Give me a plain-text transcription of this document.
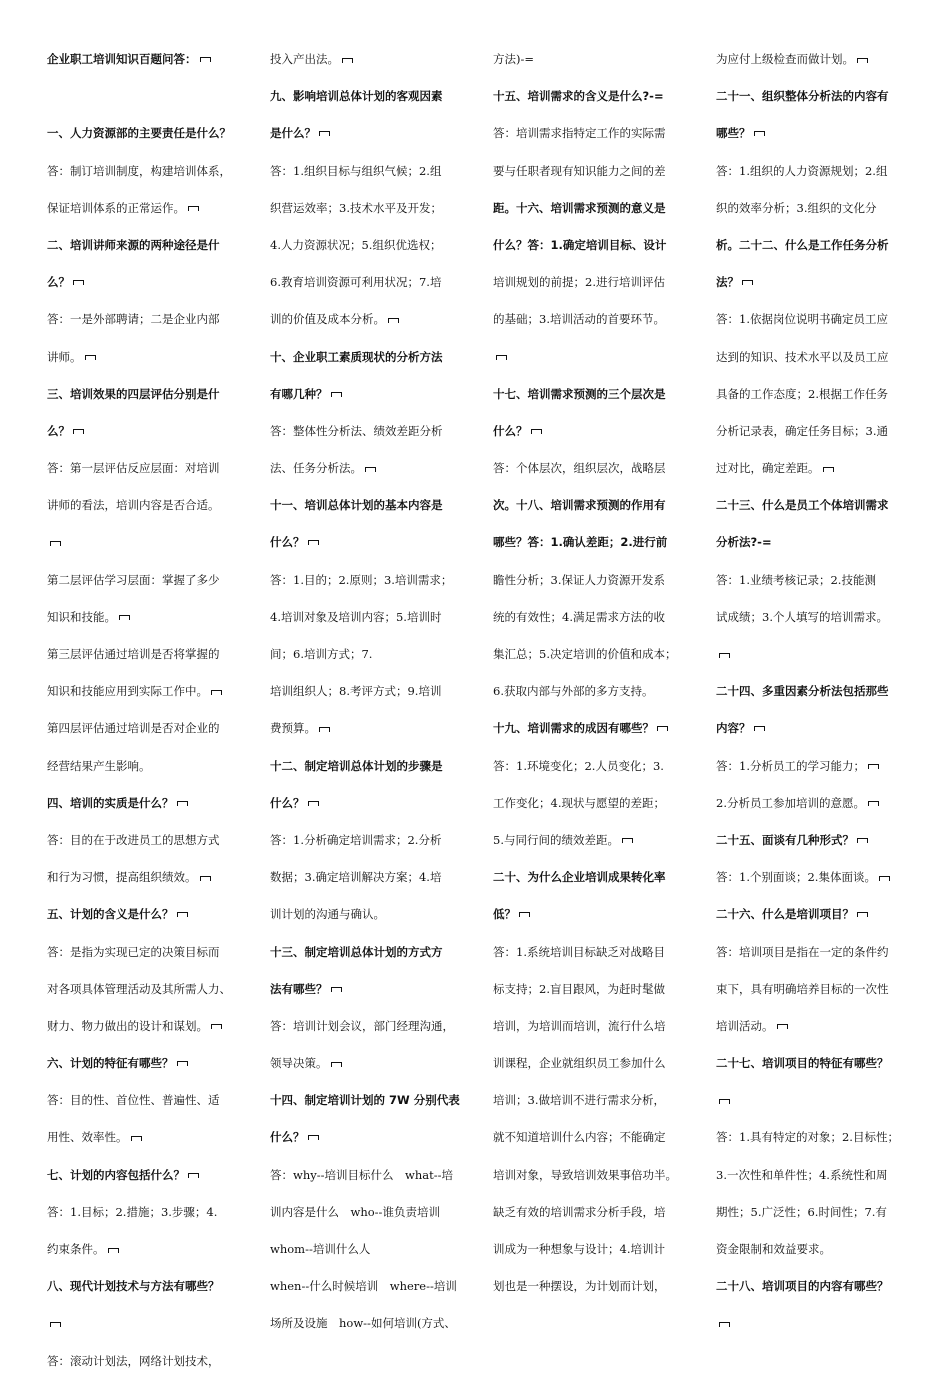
企业职工培训知识百题问答：
一、人力资源部的主要责任是什么？
答：制订培训制度，构建培训体系，
保证培训体系的正常运作。
二、培训讲师来源的两种途径是什
么？
答：一是外部聘请；二是企业内部
讲师。
三、培训效果的四层评估分别是什
么？
答：第一层评估反应层面：对培训
讲师的看法，培训内容是否合适。
第二层评估学习层面：掌握了多少
知识和技能。
第三层评估通过培训是否将掌握的
知识和技能应用到实际工作中。
第四层评估通过培训是否对企业的
经营结果产生影响。
四、培训的实质是什么？
答：目的在于改进员工的思想方式
和行为习惯，提高组织绩效。
五、计划的含义是什么？
答：是指为实现已定的决策目标而
对各项具体管理活动及其所需人力、
财力、物力做出的设计和谋划。
六、计划的特征有哪些？
答：目的性、首位性、普遍性、适
用性、效率性。
七、计划的内容包括什么？
答：1.目标；2.措施；3.步骤；4.
约束条件。
八、现代计划技术与方法有哪些？
答：滚动计划法，网络计划技术，
投入产出法。
九、影响培训总体计划的客观因素
是什么？
答：1.组织目标与组织气候；2.组
织营运效率；3.技术水平及开发；
4.人力资源状况；5.组织优选权；
6.教育培训资源可利用状况；7.培
训的价值及成本分析。
十、企业职工素质现状的分析方法
有哪几种？
答：整体性分析法、绩效差距分析
法、任务分析法。
十一、培训总体计划的基本内容是
什么？
答：1.目的；2.原则；3.培训需求；
4.培训对象及培训内容；5.培训时
间；6.培训方式；7.
培训组织人；8.考评方式；9.培训
费预算。
十二、制定培训总体计划的步骤是
什么？
答：1.分析确定培训需求；2.分析
数据；3.确定培训解决方案；4.培
训计划的沟通与确认。
十三、制定培训总体计划的方式方
法有哪些？
答：培训计划会议，部门经理沟通，
领导决策。
十四、制定培训计划的 7W 分别代表
什么？
答：why--培训目标什么　what--培
训内容是什么　who--谁负责培训
whom--培训什么人
when--什么时候培训　where--培训
场所及设施　how--如何培训(方式、
方法)-=
十五、培训需求的含义是什么?-=
答：培训需求指特定工作的实际需
要与任职者现有知识能力之间的差
距。十六、培训需求预测的意义是
什么？答：1.确定培训目标、设计
培训规划的前提；2.进行培训评估
的基础；3.培训活动的首要环节。
十七、培训需求预测的三个层次是
什么？
答：个体层次，组织层次，战略层
次。十八、培训需求预测的作用有
哪些？答：1.确认差距；2.进行前
瞻性分析；3.保证人力资源开发系
统的有效性；4.满足需求方法的收
集汇总；5.决定培训的价值和成本；
6.获取内部与外部的多方支持。
十九、培训需求的成因有哪些？
答：1.环境变化；2.人员变化；3.
工作变化；4.现状与愿望的差距；
5.与同行间的绩效差距。
二十、为什么企业培训成果转化率
低？
答：1.系统培训目标缺乏对战略目
标支持；2.盲目跟风，为赶时髦做
培训，为培训而培训，流行什么培
训课程，企业就组织员工参加什么
培训；3.做培训不进行需求分析，
就不知道培训什么内容；不能确定
培训对象，导致培训效果事倍功半。
缺乏有效的培训需求分析手段，培
训成为一种想象与设计；4.培训计
划也是一种摆设，为计划而计划，
为应付上级检查而做计划。
二十一、组织整体分析法的内容有
哪些？
答：1.组织的人力资源规划；2.组
织的效率分析；3.组织的文化分
析。二十二、什么是工作任务分析
法？
答：1.依据岗位说明书确定员工应
达到的知识、技术水平以及员工应
具备的工作态度；2.根据工作任务
分析记录表，确定任务目标；3.通
过对比，确定差距。
二十三、什么是员工个体培训需求
分析法?-=
答：1.业绩考核记录；2.技能测
试成绩；3.个人填写的培训需求。
二十四、多重因素分析法包括那些
内容？
答：1.分析员工的学习能力；
2.分析员工参加培训的意愿。
二十五、面谈有几种形式？
答：1.个别面谈；2.集体面谈。
二十六、什么是培训项目？
答：培训项目是指在一定的条件约
束下，具有明确培养目标的一次性
培训活动。
二十七、培训项目的特征有哪些？
答：1.具有特定的对象；2.目标性；
3.一次性和单件性；4.系统性和周
期性；5.广泛性；6.时间性；7.有
资金限制和效益要求。
二十八、培训项目的内容有哪些？
